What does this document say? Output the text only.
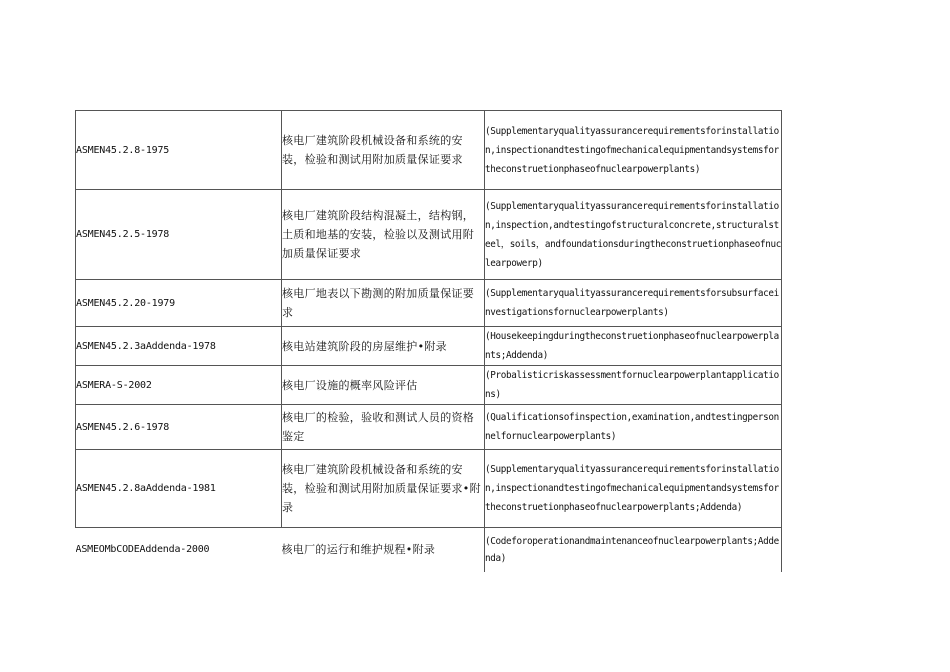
ASMEN45.2.8-1975	核电厂建筑阶段机械设备和系统的安装，检验和测试用附加质量保证要求	(Supplementaryqualityassurancerequirementsforinstallation,inspectionandtestingofmechanicalequipmentandsystemsfortheconstruetionphaseofnuclearpowerplants)
ASMEN45.2.5-1978	核电厂建筑阶段结构混凝土，结构钢，土质和地基的安装，检验以及测试用附加质量保证要求	(Supplementaryqualityassurancerequirementsforinstallation,inspection,andtestingofstructuralconcrete,structuralsteel，soils，andfoundationsduringtheconstruetionphaseofnuclearpowerp)
ASMEN45.2.20-1979	核电厂地表以下勘测的附加质量保证要求	(Supplementaryqualityassurancerequirementsforsubsurfaceinvestigationsfornuclearpowerplants)
ASMEN45.2.3aAddenda-1978	核电站建筑阶段的房屋维护•附录	(Housekeepingduringtheconstruetionphaseofnuclearpowerplants;Addenda)
ASMERA-S-2002	核电厂设施的概率风险评估	(Probalisticriskassessmentfornuclearpowerplantapplications)
ASMEN45.2.6-1978	核电厂的检验，验收和测试人员的资格鉴定	(Qualificationsofinspection,examination,andtestingpersonnelfornuclearpowerplants)
ASMEN45.2.8aAddenda-1981	核电厂建筑阶段机械设备和系统的安装，检验和测试用附加质量保证要求•附录	(Supplementaryqualityassurancerequirementsforinstallation,inspectionandtestingofmechanicalequipmentandsystemsfortheconstruetionphaseofnuclearpowerplants;Addenda)
ASMEOMbCODEAddenda-2000	核电厂的运行和维护规程•附录	(Codeforoperationandmaintenanceofnuclearpowerplants;Addenda)
